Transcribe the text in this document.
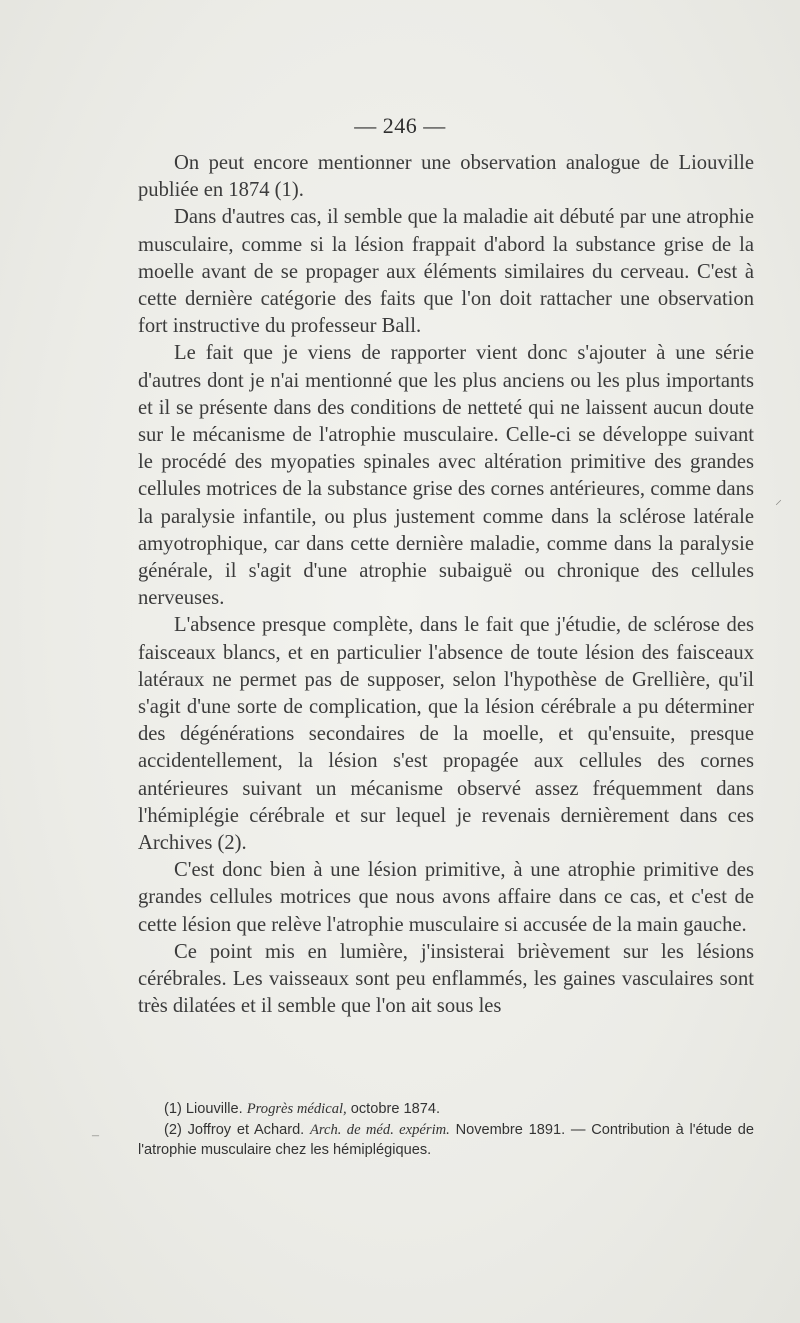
— 246 —

On peut encore mentionner une observation analogue de Liouville publiée en 1874 (1).

Dans d'autres cas, il semble que la maladie ait débuté par une atrophie musculaire, comme si la lésion frappait d'abord la substance grise de la moelle avant de se propager aux éléments similaires du cerveau. C'est à cette dernière catégorie des faits que l'on doit rattacher une observation fort instructive du professeur Ball.

Le fait que je viens de rapporter vient donc s'ajouter à une série d'autres dont je n'ai mentionné que les plus anciens ou les plus importants et il se présente dans des conditions de netteté qui ne laissent aucun doute sur le mécanisme de l'atrophie musculaire. Celle-ci se développe suivant le procédé des myopaties spinales avec altération primitive des grandes cellules motrices de la substance grise des cornes antérieures, comme dans la paralysie infantile, ou plus justement comme dans la sclérose latérale amyotrophique, car dans cette dernière maladie, comme dans la paralysie générale, il s'agit d'une atrophie subaiguë ou chronique des cellules nerveuses.

L'absence presque complète, dans le fait que j'étudie, de sclérose des faisceaux blancs, et en particulier l'absence de toute lésion des faisceaux latéraux ne permet pas de supposer, selon l'hypothèse de Grellière, qu'il s'agit d'une sorte de complication, que la lésion cérébrale a pu déterminer des dégénérations secondaires de la moelle, et qu'ensuite, presque accidentellement, la lésion s'est propagée aux cellules des cornes antérieures suivant un mécanisme observé assez fréquemment dans l'hémiplégie cérébrale et sur lequel je revenais dernièrement dans ces Archives (2).

C'est donc bien à une lésion primitive, à une atrophie primitive des grandes cellules motrices que nous avons affaire dans ce cas, et c'est de cette lésion que relève l'atrophie musculaire si accusée de la main gauche.

Ce point mis en lumière, j'insisterai brièvement sur les lésions cérébrales. Les vaisseaux sont peu enflammés, les gaines vasculaires sont très dilatées et il semble que l'on ait sous les

(1) Liouville. Progrès médical, octobre 1874.

(2) Joffroy et Achard. Arch. de méd. expérim. Novembre 1891. — Contribution à l'étude de l'atrophie musculaire chez les hémiplégiques.

⸝
–
